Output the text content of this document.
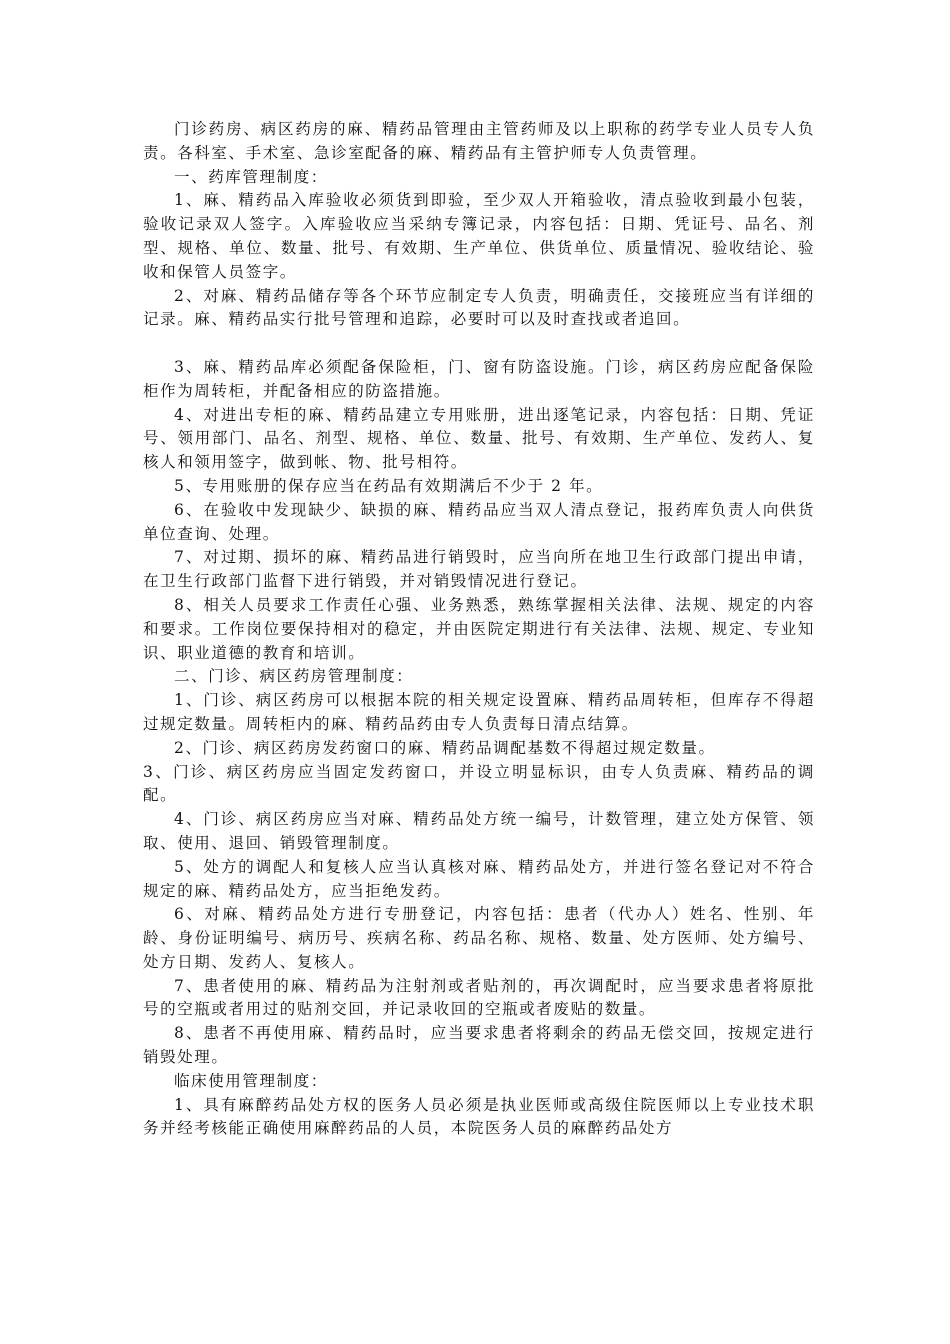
门诊药房、病区药房的麻、精药品管理由主管药师及以上职称的药学专业人员专人负责。各科室、手术室、急诊室配备的麻、精药品有主管护师专人负责管理。

一、药库管理制度：

1、麻、精药品入库验收必须货到即验，至少双人开箱验收，清点验收到最小包装，验收记录双人签字。入库验收应当采纳专簿记录，内容包括：日期、凭证号、品名、剂型、规格、单位、数量、批号、有效期、生产单位、供货单位、质量情况、验收结论、验收和保管人员签字。

2、对麻、精药品储存等各个环节应制定专人负责，明确责任，交接班应当有详细的记录。麻、精药品实行批号管理和追踪，必要时可以及时查找或者追回。

3、麻、精药品库必须配备保险柜，门、窗有防盗设施。门诊，病区药房应配备保险柜作为周转柜，并配备相应的防盗措施。

4、对进出专柜的麻、精药品建立专用账册，进出逐笔记录，内容包括：日期、凭证号、领用部门、品名、剂型、规格、单位、数量、批号、有效期、生产单位、发药人、复核人和领用签字，做到帐、物、批号相符。

5、专用账册的保存应当在药品有效期满后不少于 2 年。

6、在验收中发现缺少、缺损的麻、精药品应当双人清点登记，报药库负责人向供货单位查询、处理。

7、对过期、损坏的麻、精药品进行销毁时，应当向所在地卫生行政部门提出申请，在卫生行政部门监督下进行销毁，并对销毁情况进行登记。

8、相关人员要求工作责任心强、业务熟悉，熟练掌握相关法律、法规、规定的内容和要求。工作岗位要保持相对的稳定，并由医院定期进行有关法律、法规、规定、专业知识、职业道德的教育和培训。

二、门诊、病区药房管理制度：

1、门诊、病区药房可以根据本院的相关规定设置麻、精药品周转柜，但库存不得超过规定数量。周转柜内的麻、精药品药由专人负责每日清点结算。

2、门诊、病区药房发药窗口的麻、精药品调配基数不得超过规定数量。

3、门诊、病区药房应当固定发药窗口，并设立明显标识，由专人负责麻、精药品的调配。

4、门诊、病区药房应当对麻、精药品处方统一编号，计数管理，建立处方保管、领取、使用、退回、销毁管理制度。

5、处方的调配人和复核人应当认真核对麻、精药品处方，并进行签名登记对不符合规定的麻、精药品处方，应当拒绝发药。

6、对麻、精药品处方进行专册登记，内容包括：患者（代办人）姓名、性别、年龄、身份证明编号、病历号、疾病名称、药品名称、规格、数量、处方医师、处方编号、处方日期、发药人、复核人。

7、患者使用的麻、精药品为注射剂或者贴剂的，再次调配时，应当要求患者将原批号的空瓶或者用过的贴剂交回，并记录收回的空瓶或者废贴的数量。

8、患者不再使用麻、精药品时，应当要求患者将剩余的药品无偿交回，按规定进行销毁处理。

临床使用管理制度：

1、具有麻醉药品处方权的医务人员必须是执业医师或高级住院医师以上专业技术职务并经考核能正确使用麻醉药品的人员，本院医务人员的麻醉药品处方
